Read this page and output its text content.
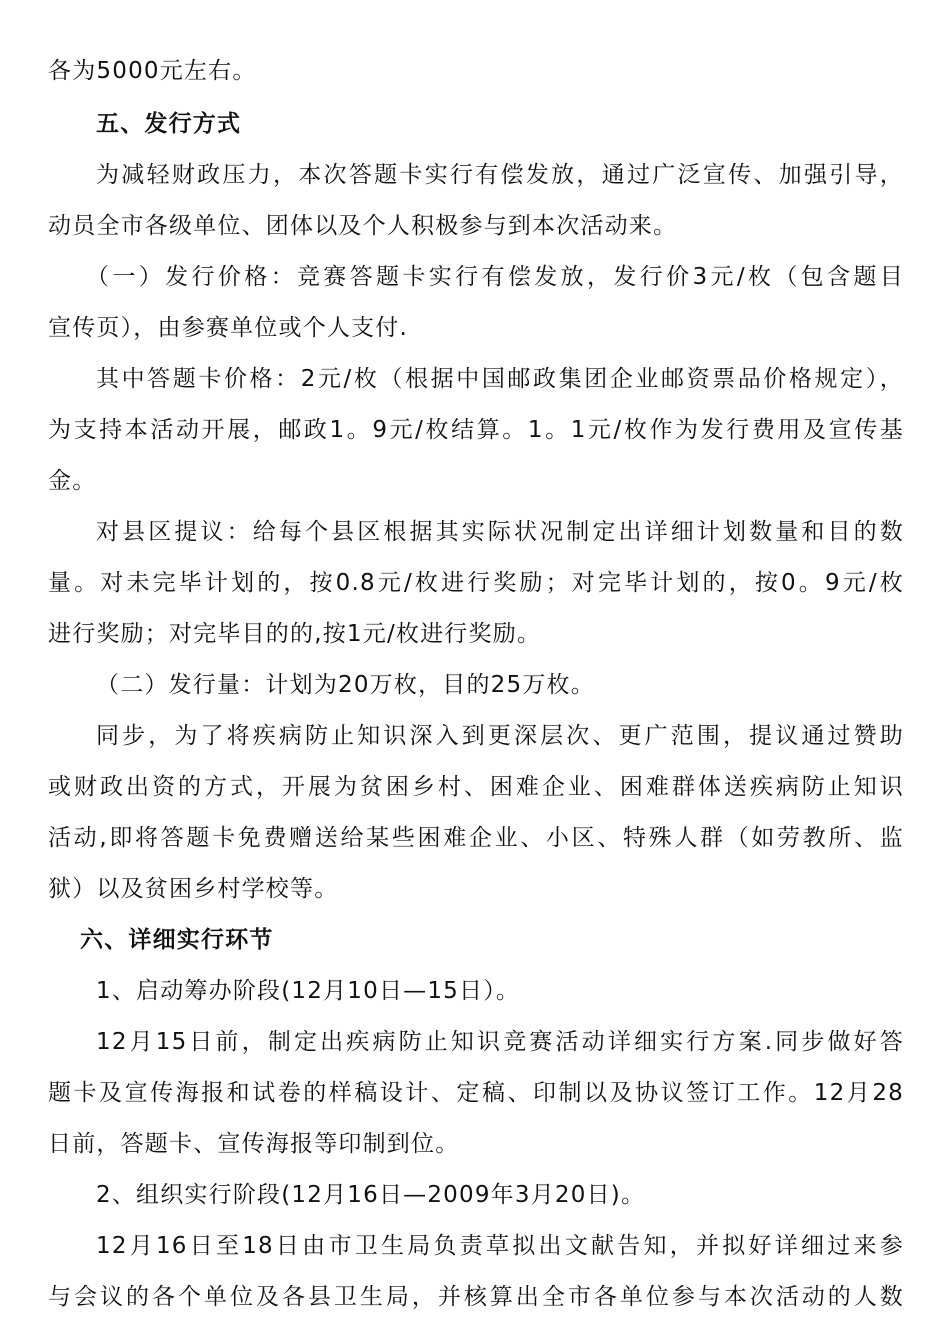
各为5000元左右。
五、发行方式
为减轻财政压力，本次答题卡实行有偿发放，通过广泛宣传、加强引导，
动员全市各级单位、团体以及个人积极参与到本次活动来。
（一）发行价格：竞赛答题卡实行有偿发放，发行价3元/枚（包含题目
宣传页），由参赛单位或个人支付.
其中答题卡价格：2元/枚（根据中国邮政集团企业邮资票品价格规定），
为支持本活动开展，邮政1。9元/枚结算。1。1元/枚作为发行费用及宣传基
金。
对县区提议：给每个县区根据其实际状况制定出详细计划数量和目的数
量。对未完毕计划的，按0.8元/枚进行奖励；对完毕计划的，按0。9元/枚
进行奖励；对完毕目的的,按1元/枚进行奖励。
（二）发行量：计划为20万枚，目的25万枚。
同步，为了将疾病防止知识深入到更深层次、更广范围，提议通过赞助
或财政出资的方式，开展为贫困乡村、困难企业、困难群体送疾病防止知识
活动,即将答题卡免费赠送给某些困难企业、小区、特殊人群（如劳教所、监
狱）以及贫困乡村学校等。
六、详细实行环节
1、启动筹办阶段(12月10日—15日）。
12月15日前，制定出疾病防止知识竞赛活动详细实行方案.同步做好答
题卡及宣传海报和试卷的样稿设计、定稿、印制以及协议签订工作。12月28
日前，答题卡、宣传海报等印制到位。
2、组织实行阶段(12月16日—2009年3月20日)。
12月16日至18日由市卫生局负责草拟出文献告知，并拟好详细过来参
与会议的各个单位及各县卫生局，并核算出全市各单位参与本次活动的人数
